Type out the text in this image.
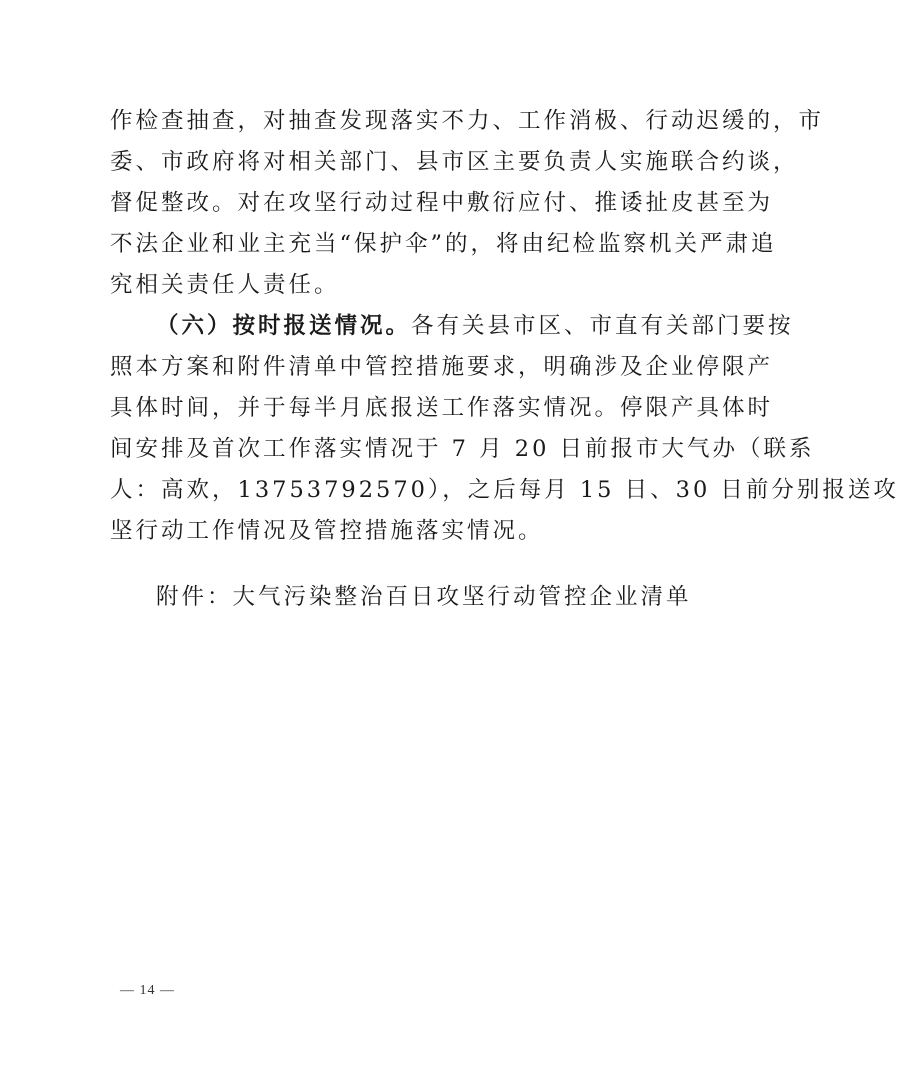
作检查抽查，对抽查发现落实不力、工作消极、行动迟缓的，市
委、市政府将对相关部门、县市区主要负责人实施联合约谈，
督促整改。对在攻坚行动过程中敷衍应付、推诿扯皮甚至为
不法企业和业主充当“保护伞”的，将由纪检监察机关严肃追
究相关责任人责任。
（六）按时报送情况。各有关县市区、市直有关部门要按
照本方案和附件清单中管控措施要求，明确涉及企业停限产
具体时间，并于每半月底报送工作落实情况。停限产具体时
间安排及首次工作落实情况于 7 月 20 日前报市大气办（联系
人：高欢，13753792570），之后每月 15 日、30 日前分别报送攻
坚行动工作情况及管控措施落实情况。
附件：大气污染整治百日攻坚行动管控企业清单
— 14 —
